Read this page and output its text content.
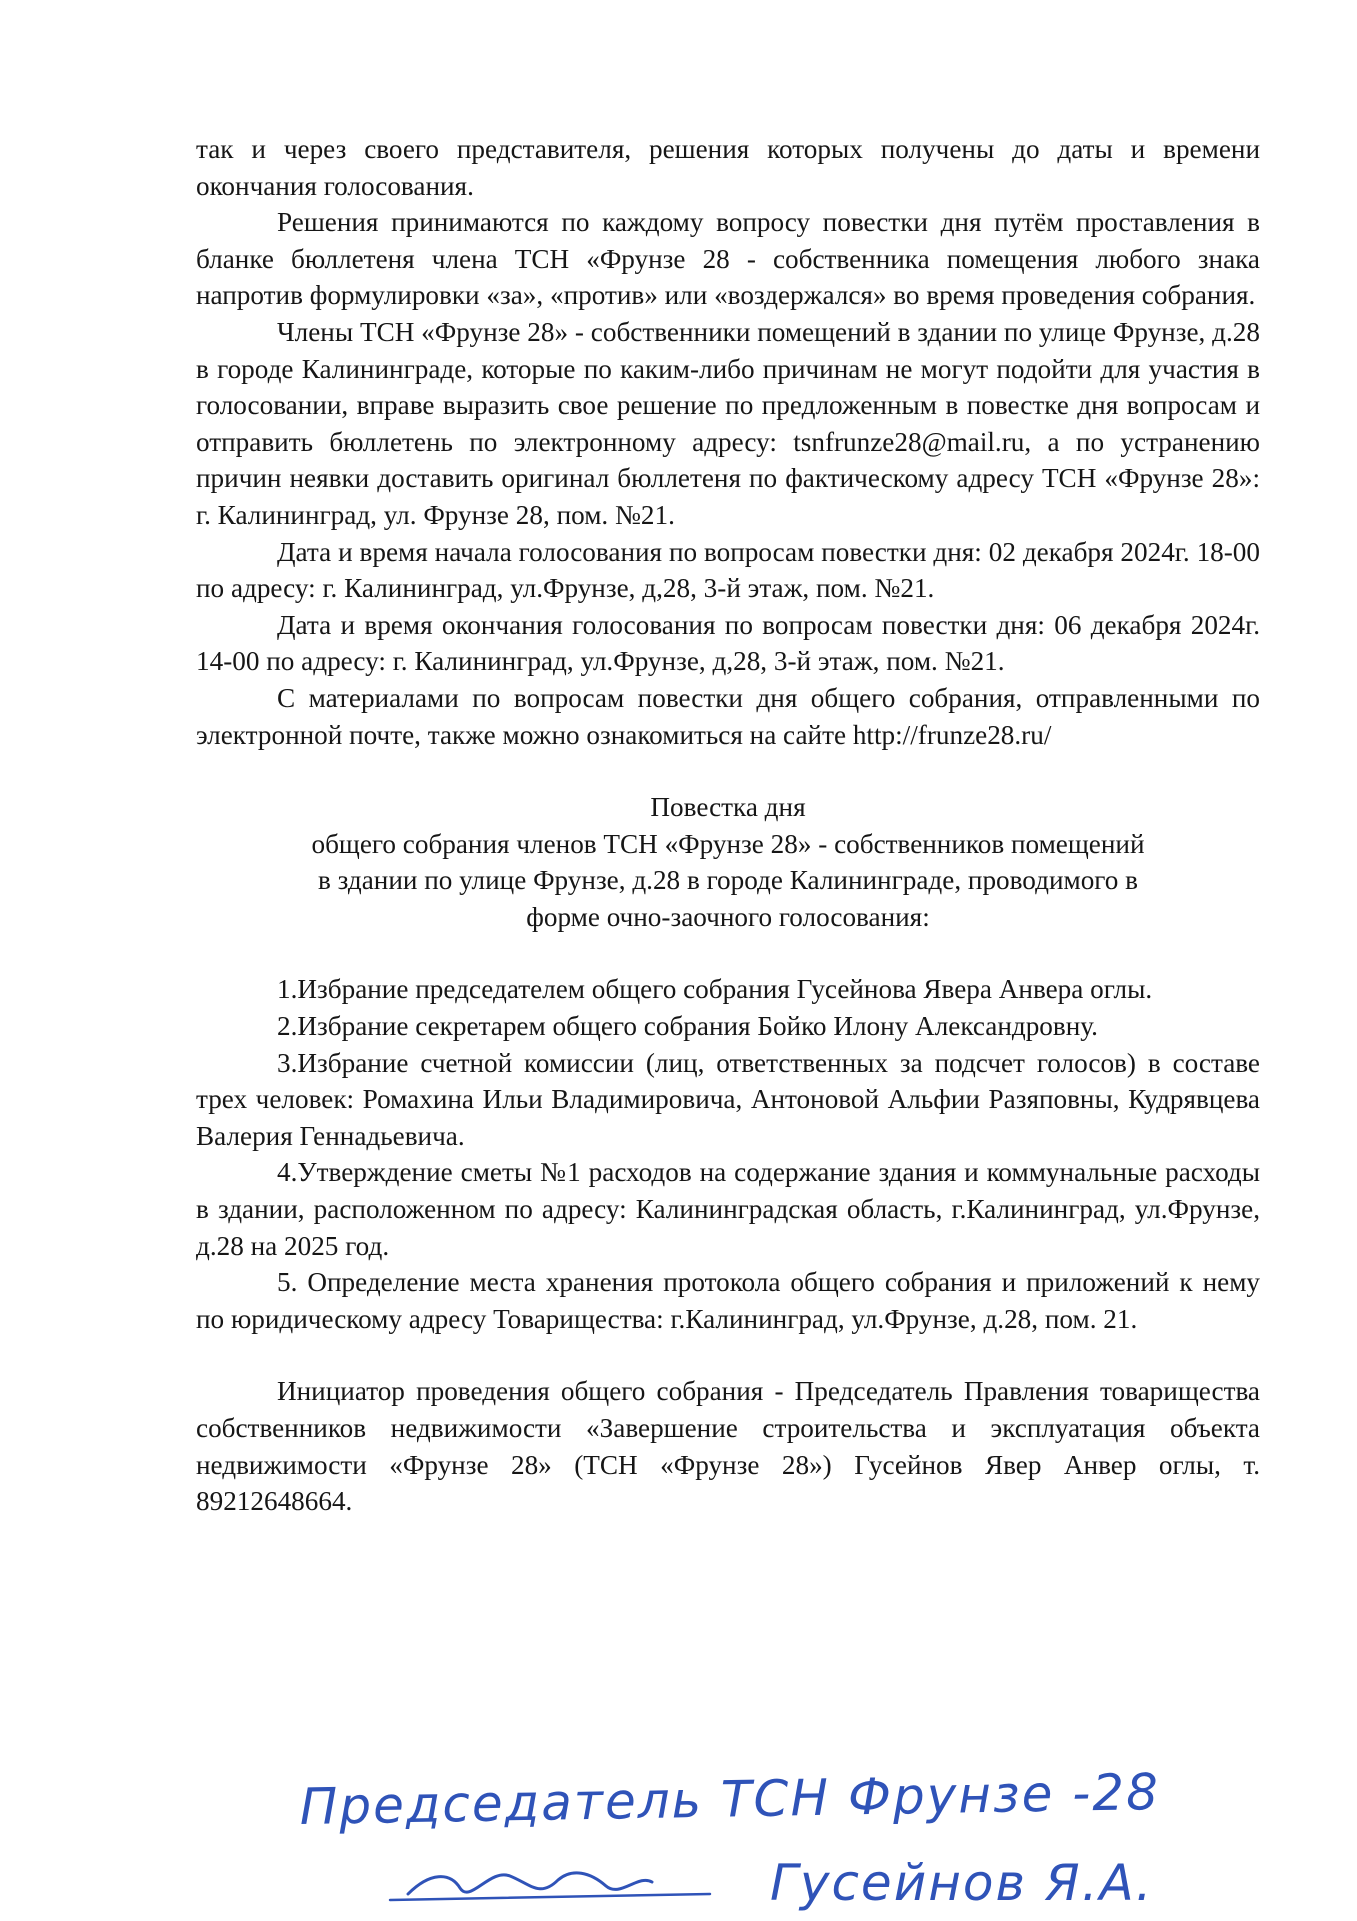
так и через своего представителя, решения которых получены до даты и времени окончания голосования.

Решения принимаются по каждому вопросу повестки дня путём проставления в бланке бюллетеня члена ТСН «Фрунзе 28 - собственника помещения любого знака напротив формулировки «за», «против» или «воздержался» во время проведения собрания.

Члены ТСН «Фрунзе 28» - собственники помещений в здании по улице Фрунзе, д.28 в городе Калининграде, которые по каким-либо причинам не могут подойти для участия в голосовании, вправе выразить свое решение по предложенным в повестке дня вопросам и отправить бюллетень по электронному адресу: tsnfrunze28@mail.ru, а по устранению причин неявки доставить оригинал бюллетеня по фактическому адресу ТСН «Фрунзе 28»: г. Калининград, ул. Фрунзе 28, пом. №21.

Дата и время начала голосования по вопросам повестки дня: 02 декабря 2024г. 18-00 по адресу: г. Калининград, ул.Фрунзе, д,28, 3-й этаж, пом. №21.

Дата и время окончания голосования по вопросам повестки дня: 06 декабря 2024г. 14-00 по адресу: г. Калининград, ул.Фрунзе, д,28, 3-й этаж, пом. №21.

С материалами по вопросам повестки дня общего собрания, отправленными по электронной почте, также можно ознакомиться на сайте http://frunze28.ru/

Повестка дня
общего собрания членов ТСН «Фрунзе 28» - собственников помещений
в здании по улице Фрунзе, д.28 в городе Калининграде, проводимого в
форме очно-заочного голосования:

1.Избрание председателем общего собрания Гусейнова Явера Анвера оглы.

2.Избрание секретарем общего собрания Бойко Илону Александровну.

3.Избрание счетной комиссии (лиц, ответственных за подсчет голосов) в составе трех человек: Ромахина Ильи Владимировича, Антоновой Альфии Разяповны, Кудрявцева Валерия Геннадьевича.

4.Утверждение сметы №1 расходов на содержание здания и коммунальные расходы в здании, расположенном по адресу: Калининградская область, г.Калининград, ул.Фрунзе, д.28 на 2025 год.

5. Определение места хранения протокола общего собрания и приложений к нему по юридическому адресу Товарищества: г.Калининград, ул.Фрунзе, д.28, пом. 21.

Инициатор проведения общего собрания - Председатель Правления товарищества собственников недвижимости «Завершение строительства и эксплуатация объекта недвижимости «Фрунзе 28» (ТСН «Фрунзе 28») Гусейнов Явер Анвер оглы, т. 89212648664.

Председатель ТСН Фрунзе -28
Гусейнов Я.А.
